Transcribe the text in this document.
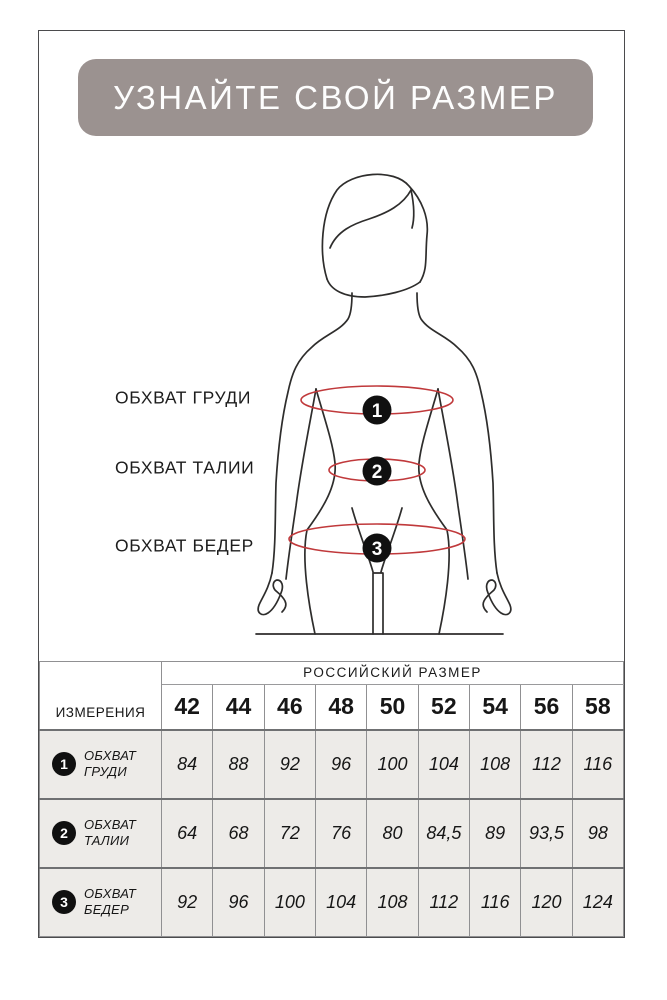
УЗНАЙТЕ СВОЙ РАЗМЕР
1
2
3
ОБХВАТ ГРУДИ
ОБХВАТ ТАЛИИ
ОБХВАТ БЕДЕР
ИЗМЕРЕНИЯ	РОССИЙСКИЙ РАЗМЕР								
	42	44	46	48	50	52	54	56	58

1
ОБХВАТ ГРУДИ	84	88	92	96	100	104	108	112	116

2
ОБХВАТ ТАЛИИ	64	68	72	76	80	84,5	89	93,5	98

3
ОБХВАТ БЕДЕР	92	96	100	104	108	112	116	120	124
